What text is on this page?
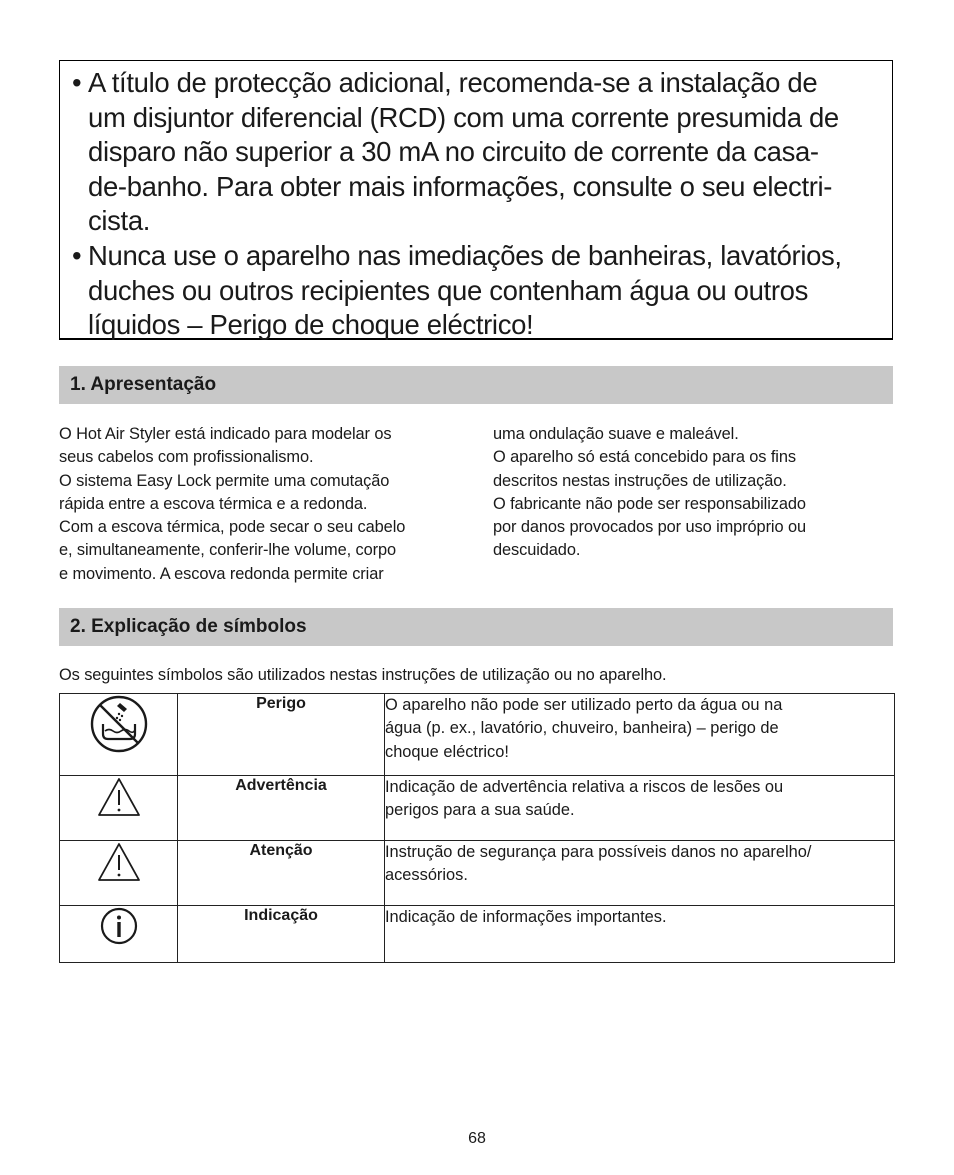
• A título de protecção adicional, recomenda-se a instalação de
um disjuntor diferencial (RCD) com uma corrente presumida de
disparo não superior a 30 mA no circuito de corrente da casa-
de-banho. Para obter mais informações, consulte o seu electri-
cista.
• Nunca use o aparelho nas imediações de banheiras, lavatórios,
duches ou outros recipientes que contenham água ou outros
líquidos – Perigo de choque eléctrico!
1. Apresentação
O Hot Air Styler está indicado para modelar os
seus cabelos com profissionalismo.
O sistema Easy Lock permite uma comutação
rápida entre a escova térmica e a redonda.
Com a escova térmica, pode secar o seu cabelo
e, simultaneamente, conferir-lhe volume, corpo
e movimento. A escova redonda permite criar
uma ondulação suave e maleável.
O aparelho só está concebido para os fins
descritos nestas instruções de utilização.
O fabricante não pode ser responsabilizado
por danos provocados por uso impróprio ou
descuidado.
2. Explicação de símbolos
Os seguintes símbolos são utilizados nestas instruções de utilização ou no aparelho.
	Perigo	O aparelho não pode ser utilizado perto da água ou na
água (p. ex., lavatório, chuveiro, banheira) – perigo de
choque eléctrico!

	Advertência	Indicação de advertência relativa a riscos de lesões ou
perigos para a sua saúde.

	Atenção	Instrução de segurança para possíveis danos no aparelho/
acessórios.

	Indicação	Indicação de informações importantes.
68
